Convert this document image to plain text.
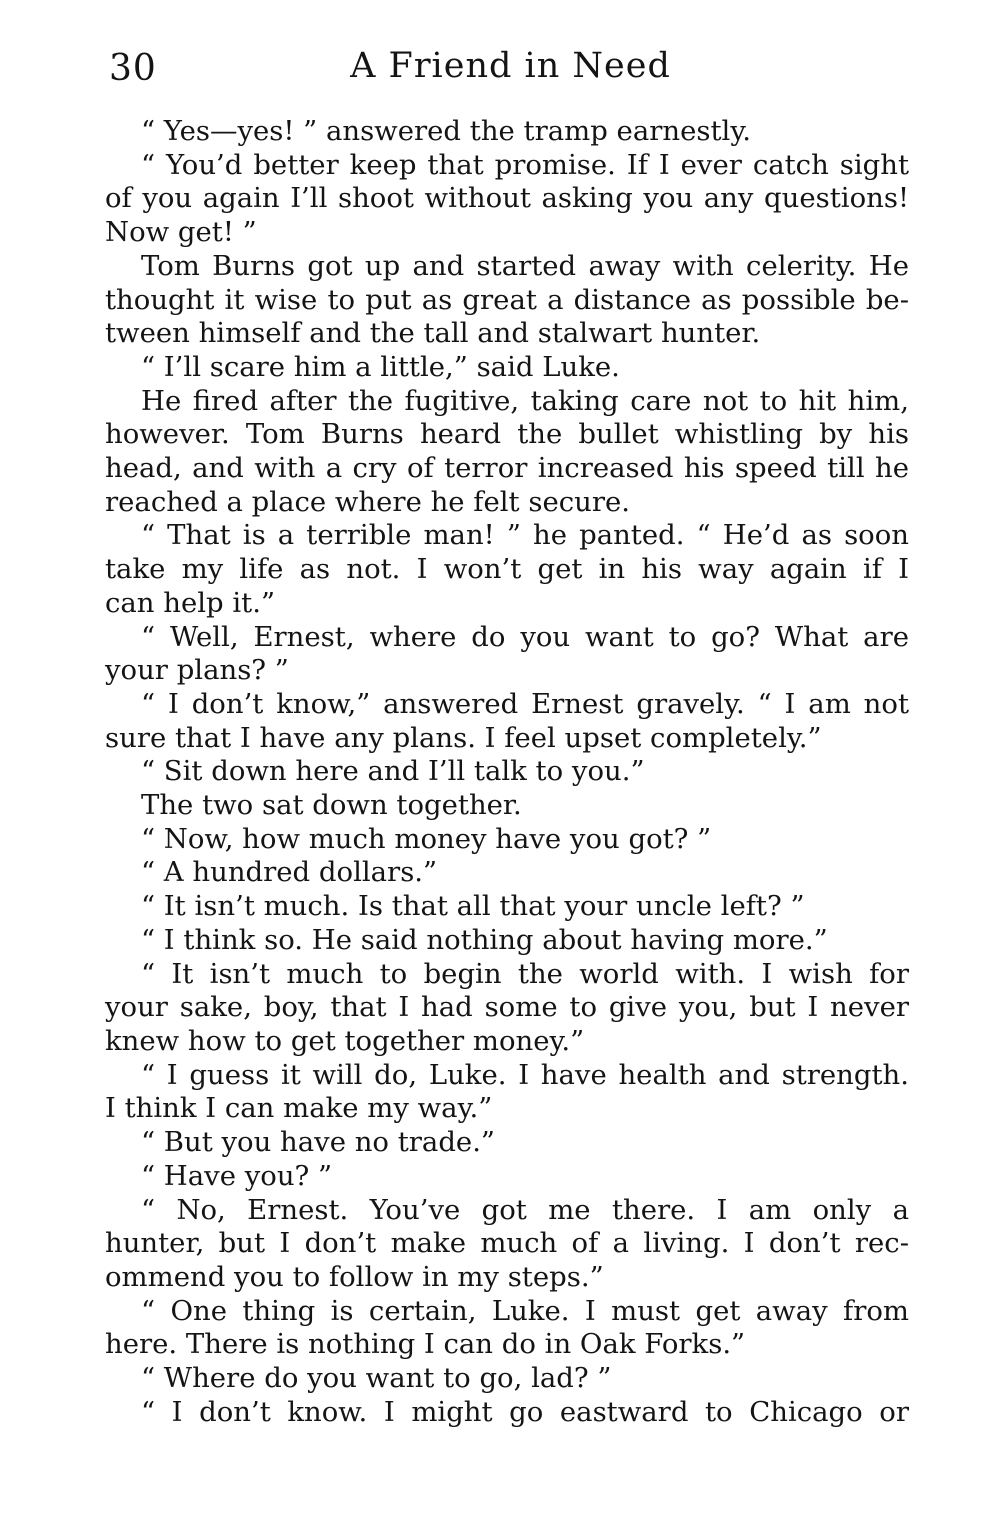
30	A Friend in Need
“ Yes—yes! ” answered the tramp earnestly.
“ You’d better keep that promise. If I ever catch sight
of you again I’ll shoot without asking you any questions!
Now get! ”
Tom Burns got up and started away with celerity. He
thought it wise to put as great a distance as possible be-
tween himself and the tall and stalwart hunter.
“ I’ll scare him a little,” said Luke.
He fired after the fugitive, taking care not to hit him,
however. Tom Burns heard the bullet whistling by his
head, and with a cry of terror increased his speed till he
reached a place where he felt secure.
“ That is a terrible man! ” he panted. “ He’d as soon
take my life as not. I won’t get in his way again if I
can help it.”
“ Well, Ernest, where do you want to go? What are
your plans? ”
“ I don’t know,” answered Ernest gravely. “ I am not
sure that I have any plans. I feel upset completely.”
“ Sit down here and I’ll talk to you.”
The two sat down together.
“ Now, how much money have you got? ”
“ A hundred dollars.”
“ It isn’t much. Is that all that your uncle left? ”
“ I think so. He said nothing about having more.”
“ It isn’t much to begin the world with. I wish for
your sake, boy, that I had some to give you, but I never
knew how to get together money.”
“ I guess it will do, Luke. I have health and strength.
I think I can make my way.”
“ But you have no trade.”
“ Have you? ”
“ No, Ernest. You’ve got me there. I am only a
hunter, but I don’t make much of a living. I don’t rec-
ommend you to follow in my steps.”
“ One thing is certain, Luke. I must get away from
here. There is nothing I can do in Oak Forks.”
“ Where do you want to go, lad? ”
“ I don’t know. I might go eastward to Chicago or
